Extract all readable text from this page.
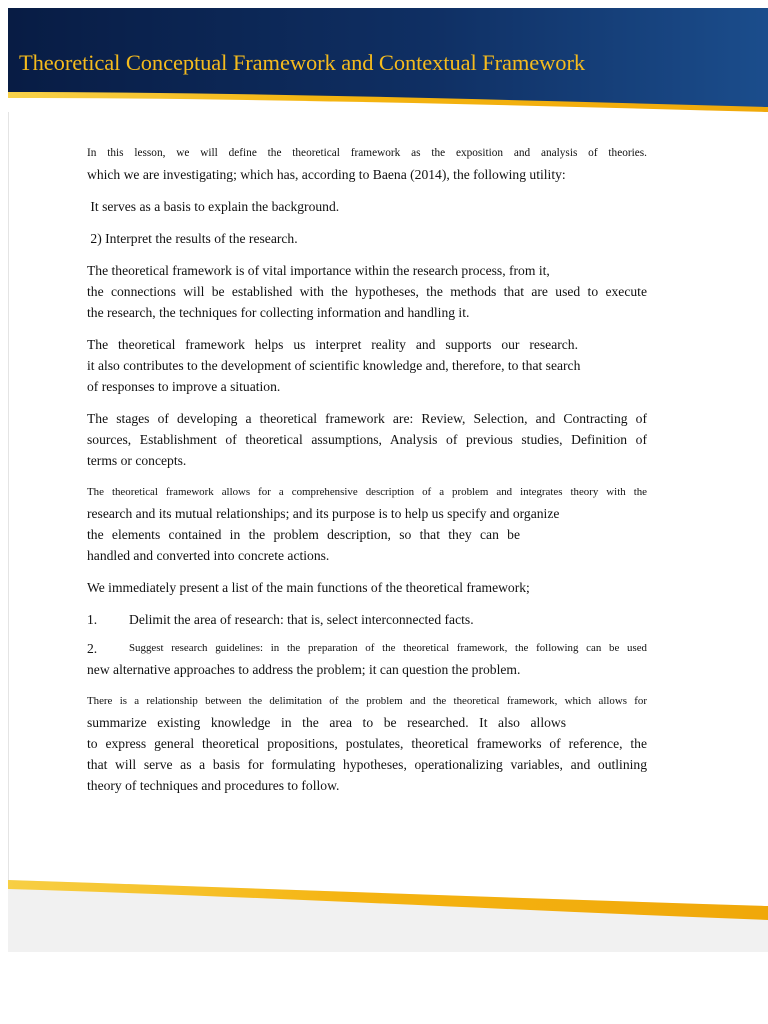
Theoretical Conceptual Framework and Contextual Framework

In this lesson, we will define the theoretical framework as the exposition and analysis of theories.
which we are investigating; which has, according to Baena (2014), the following utility:

It serves as a basis to explain the background.

2) Interpret the results of the research.

The theoretical framework is of vital importance within the research process, from it,
the connections will be established with the hypotheses, the methods that are used to execute
the research, the techniques for collecting information and handling it.

The theoretical framework helps us interpret reality and supports our research.
it also contributes to the development of scientific knowledge and, therefore, to that search
of responses to improve a situation.

The stages of developing a theoretical framework are: Review, Selection, and Contracting of
sources, Establishment of theoretical assumptions, Analysis of previous studies, Definition of
terms or concepts.

The theoretical framework allows for a comprehensive description of a problem and integrates theory with the
research and its mutual relationships; and its purpose is to help us specify and organize
the elements contained in the problem description, so that they can be
handled and converted into concrete actions.

We immediately present a list of the main functions of the theoretical framework;

1. Delimit the area of research: that is, select interconnected facts.
2.	Suggest research guidelines: in the preparation of the theoretical framework, the following can be used
new alternative approaches to address the problem; it can question the problem.

There is a relationship between the delimitation of the problem and the theoretical framework, which allows for
summarize existing knowledge in the area to be researched. It also allows
to express general theoretical propositions, postulates, theoretical frameworks of reference, the
that will serve as a basis for formulating hypotheses, operationalizing variables, and outlining
theory of techniques and procedures to follow.
